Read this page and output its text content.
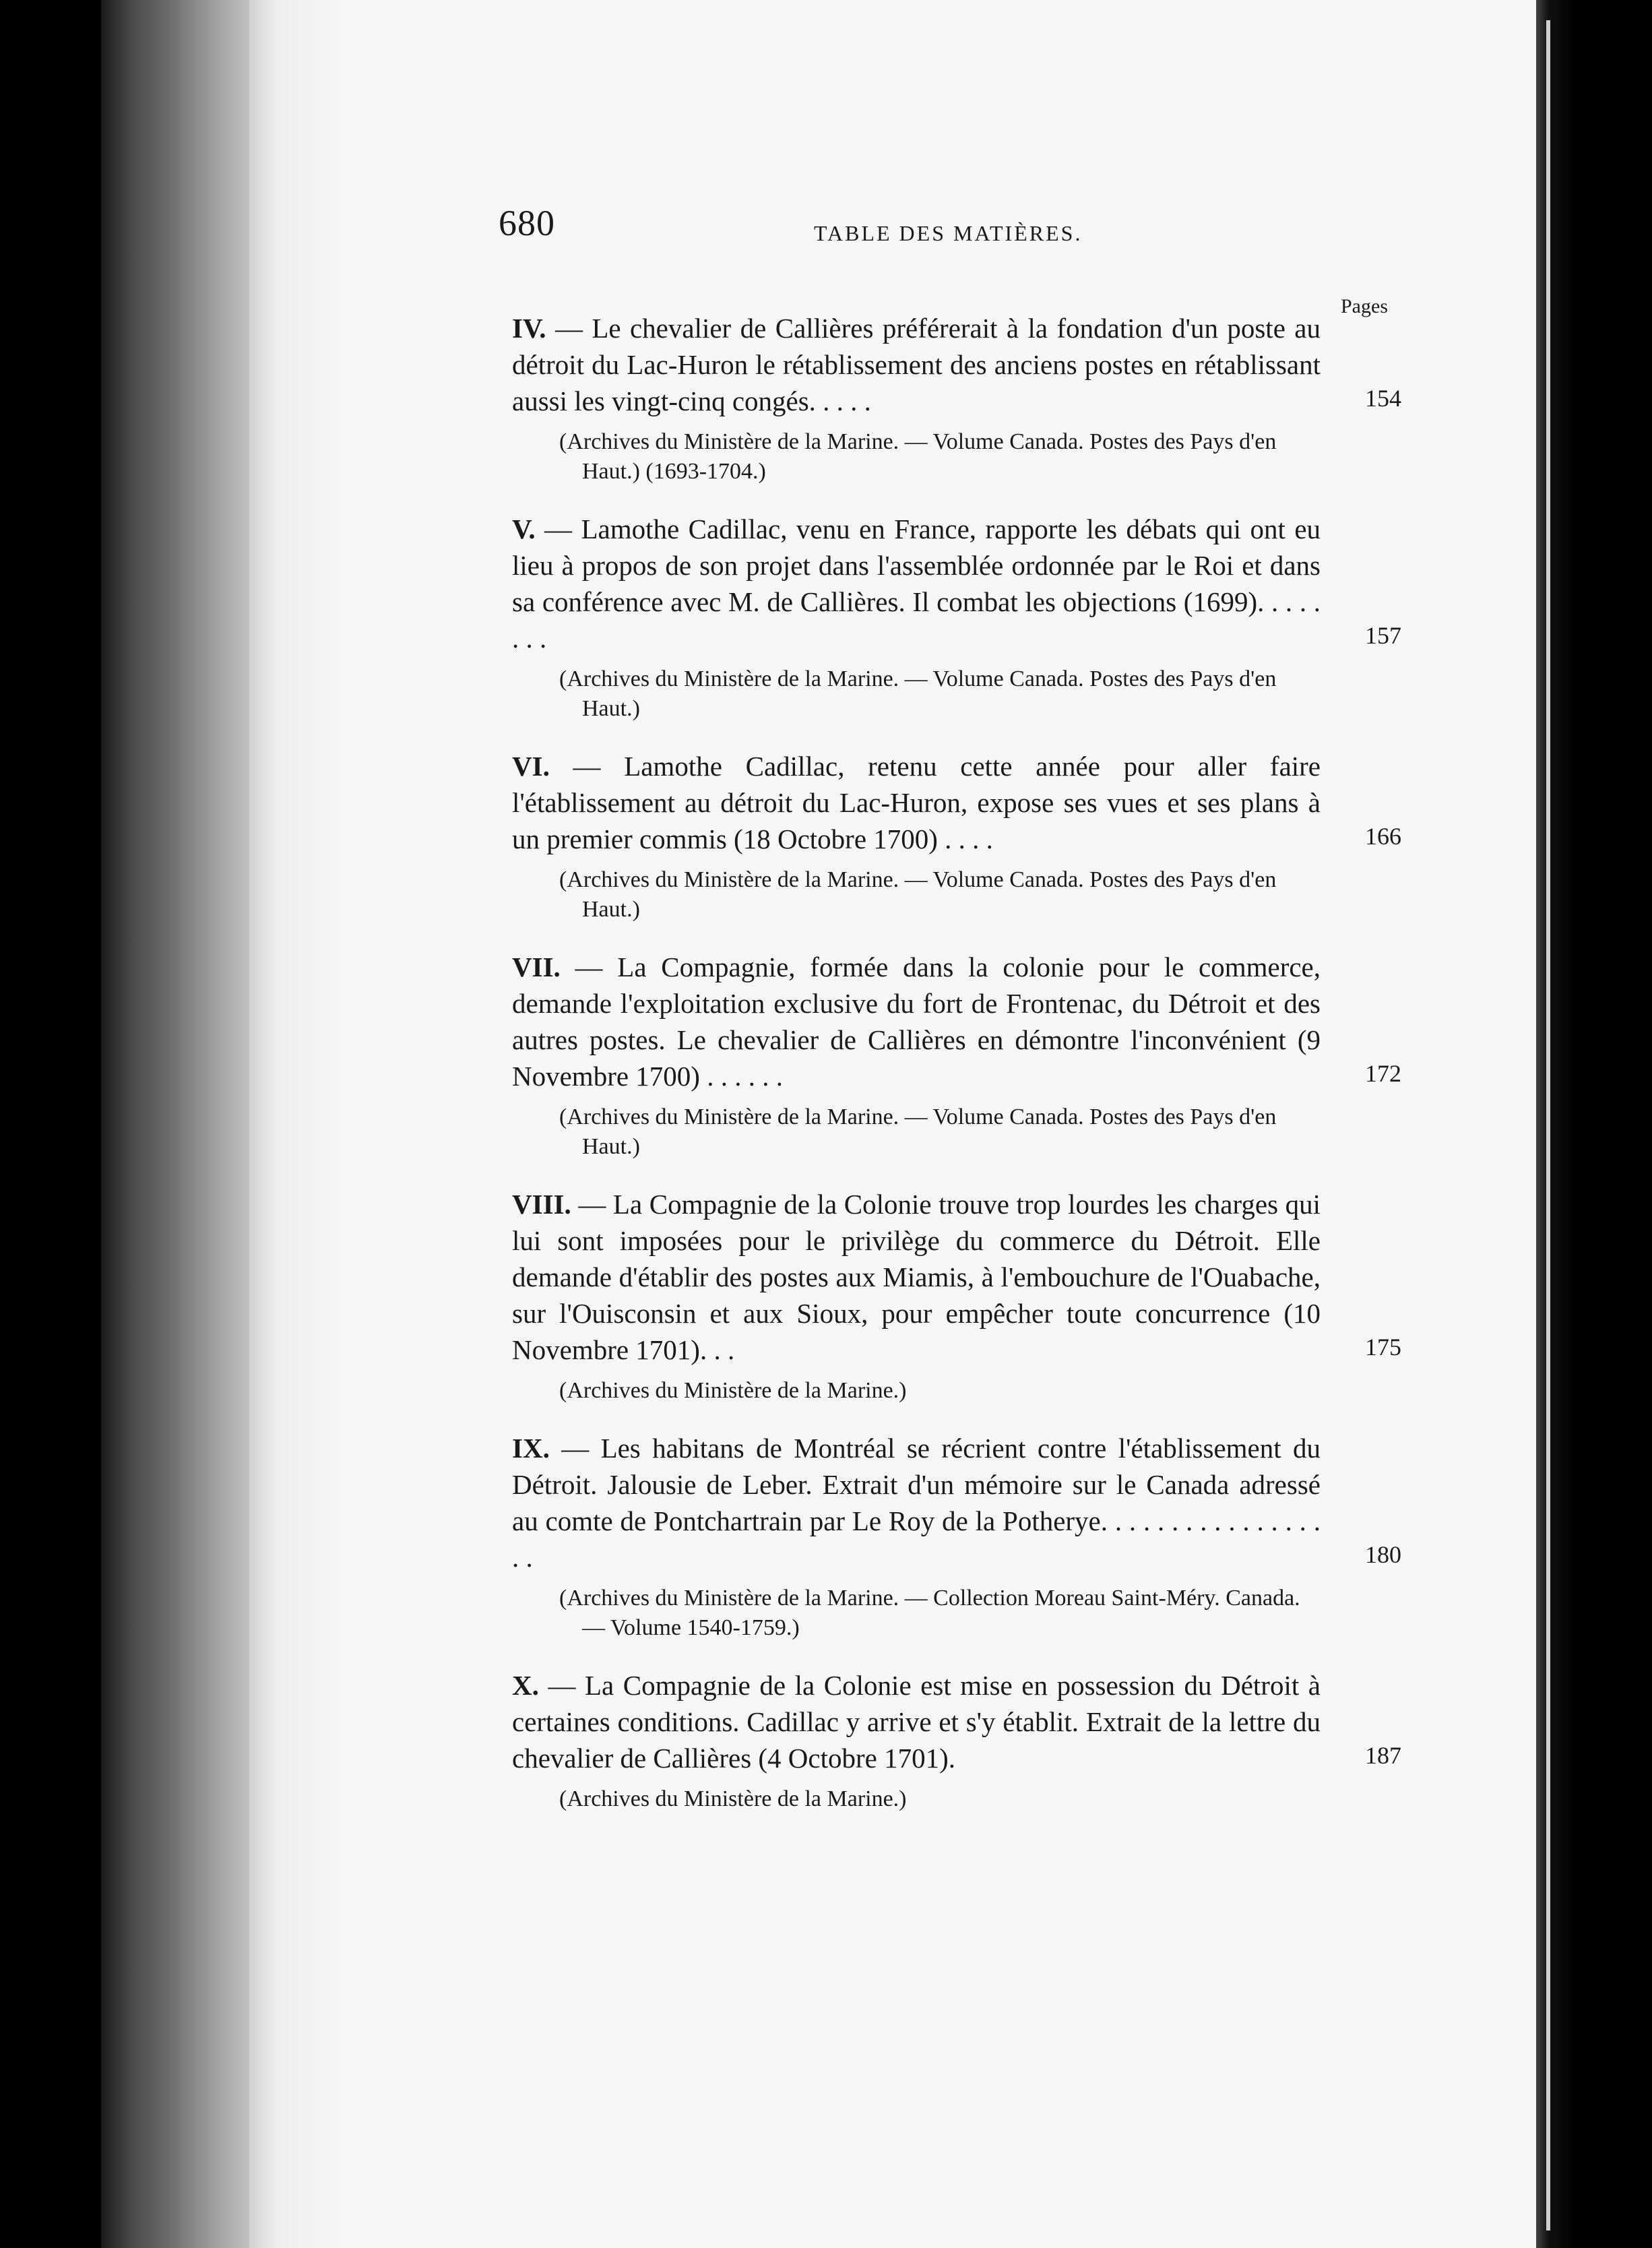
680	TABLE DES MATIÈRES.
Pages
IV. — Le chevalier de Callières préférerait à la fondation d'un poste au détroit du Lac-Huron le rétablissement des anciens postes en rétablissant aussi les vingt-cinq congés. . . . .	154
(Archives du Ministère de la Marine. — Volume Canada. Postes des Pays d'en Haut.) (1693-1704.)
V. — Lamothe Cadillac, venu en France, rapporte les débats qui ont eu lieu à propos de son projet dans l'assemblée ordonnée par le Roi et dans sa conférence avec M. de Callières. Il combat les objections (1699). . . . . . . .	157
(Archives du Ministère de la Marine. — Volume Canada. Postes des Pays d'en Haut.)
VI. — Lamothe Cadillac, retenu cette année pour aller faire l'établissement au détroit du Lac-Huron, expose ses vues et ses plans à un premier commis (18 Octobre 1700) . . . .	166
(Archives du Ministère de la Marine. — Volume Canada. Postes des Pays d'en Haut.)
VII. — La Compagnie, formée dans la colonie pour le commerce, demande l'exploitation exclusive du fort de Frontenac, du Détroit et des autres postes. Le chevalier de Callières en démontre l'inconvénient (9 Novembre 1700) . . . . . .	172
(Archives du Ministère de la Marine. — Volume Canada. Postes des Pays d'en Haut.)
VIII. — La Compagnie de la Colonie trouve trop lourdes les charges qui lui sont imposées pour le privilège du commerce du Détroit. Elle demande d'établir des postes aux Miamis, à l'embouchure de l'Ouabache, sur l'Ouisconsin et aux Sioux, pour empêcher toute concurrence (10 Novembre 1701). . .	175
(Archives du Ministère de la Marine.)
IX. — Les habitans de Montréal se récrient contre l'établissement du Détroit. Jalousie de Leber. Extrait d'un mémoire sur le Canada adressé au comte de Pontchartrain par Le Roy de la Potherye. . . . . . . . . . . . . . . . . .	180
(Archives du Ministère de la Marine. — Collection Moreau Saint-Méry. Canada. — Volume 1540-1759.)
X. — La Compagnie de la Colonie est mise en possession du Détroit à certaines conditions. Cadillac y arrive et s'y établit. Extrait de la lettre du chevalier de Callières (4 Octobre 1701).	187
(Archives du Ministère de la Marine.)
